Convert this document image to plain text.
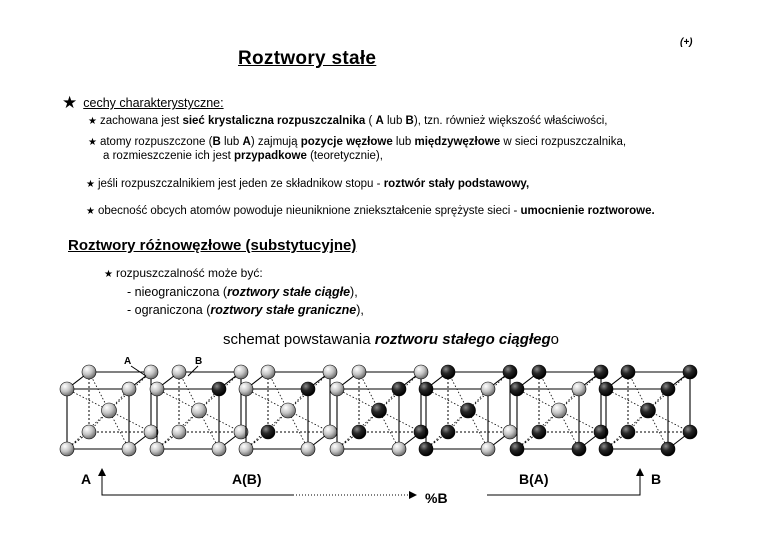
(+)
Roztwory stałe
★ cechy charakterystyczne:
★ zachowana jest sieć krystaliczna rozpuszczalnika ( A lub B), tzn. również większość właściwości,
★ atomy rozpuszczone (B lub A) zajmują pozycje węzłowe lub międzywęzłowe w sieci rozpuszczalnika,
a rozmieszczenie ich jest przypadkowe (teoretycznie),
★ jeśli rozpuszczalnikiem jest jeden ze składnikow stopu - roztwór stały podstawowy,
★ obecność obcych atomów powoduje nieuniknione zniekształcenie sprężyste sieci - umocnienie roztworowe.
Roztwory różnowęzłowe (substytucyjne)
★ rozpuszczalność może być:
- nieograniczona (roztwory stałe ciągłe),
- ograniczona (roztwory stałe graniczne),
schemat powstawania roztworu stałego ciągłego
A	B
A	A(B)	B(A)	B
%B
